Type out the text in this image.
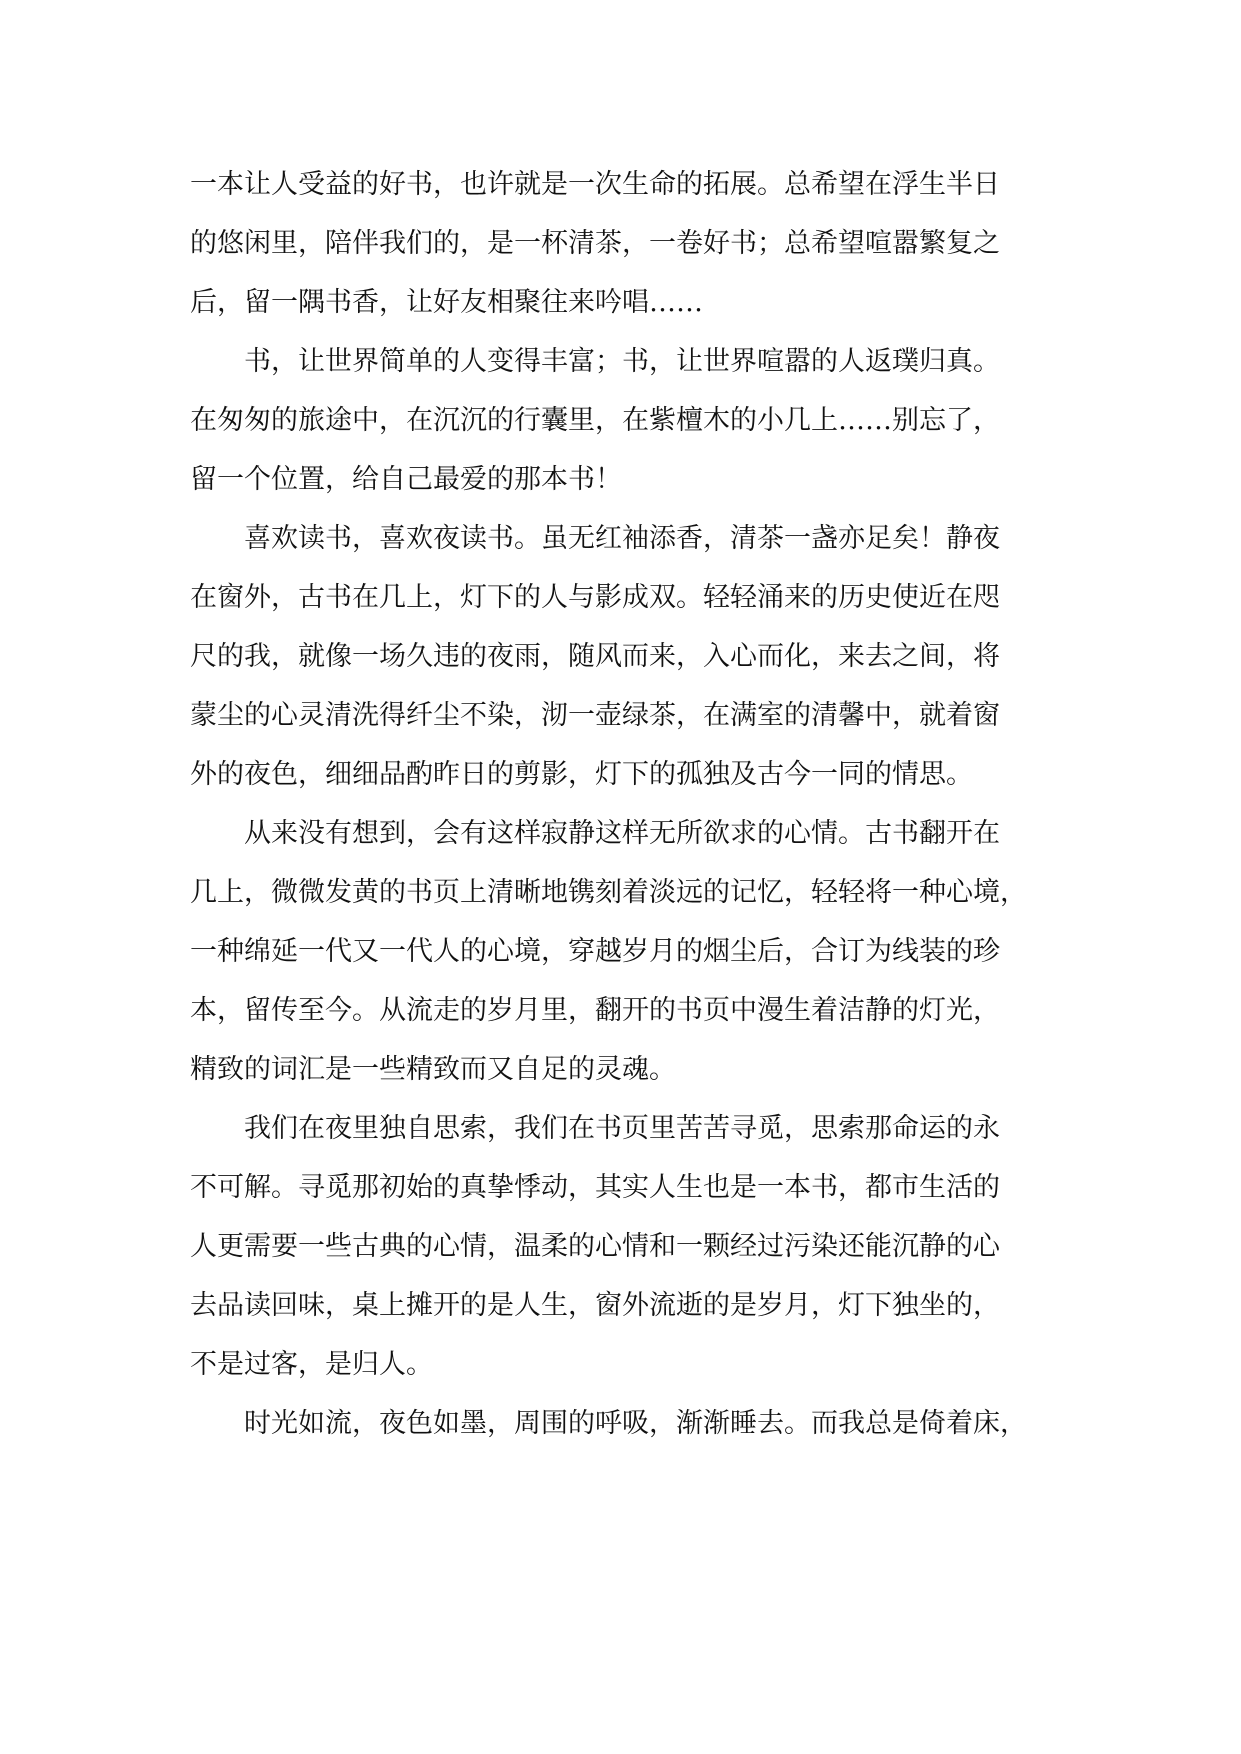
一本让人受益的好书，也许就是一次生命的拓展。总希望在浮生半日
的悠闲里，陪伴我们的，是一杯清茶，一卷好书；总希望喧嚣繁复之
后，留一隅书香，让好友相聚往来吟唱……
　　书，让世界简单的人变得丰富；书，让世界喧嚣的人返璞归真。
在匆匆的旅途中，在沉沉的行囊里，在紫檀木的小几上……别忘了，
留一个位置，给自己最爱的那本书！
　　喜欢读书，喜欢夜读书。虽无红袖添香，清茶一盏亦足矣！静夜
在窗外，古书在几上，灯下的人与影成双。轻轻涌来的历史使近在咫
尺的我，就像一场久违的夜雨，随风而来，入心而化，来去之间，将
蒙尘的心灵清洗得纤尘不染，沏一壶绿茶，在满室的清馨中，就着窗
外的夜色，细细品酌昨日的剪影，灯下的孤独及古今一同的情思。
　　从来没有想到，会有这样寂静这样无所欲求的心情。古书翻开在
几上，微微发黄的书页上清晰地镌刻着淡远的记忆，轻轻将一种心境，
一种绵延一代又一代人的心境，穿越岁月的烟尘后，合订为线装的珍
本，留传至今。从流走的岁月里，翻开的书页中漫生着洁静的灯光，
精致的词汇是一些精致而又自足的灵魂。
　　我们在夜里独自思索，我们在书页里苦苦寻觅，思索那命运的永
不可解。寻觅那初始的真挚悸动，其实人生也是一本书，都市生活的
人更需要一些古典的心情，温柔的心情和一颗经过污染还能沉静的心
去品读回味，桌上摊开的是人生，窗外流逝的是岁月，灯下独坐的，
不是过客，是归人。
　　时光如流，夜色如墨，周围的呼吸，渐渐睡去。而我总是倚着床，
